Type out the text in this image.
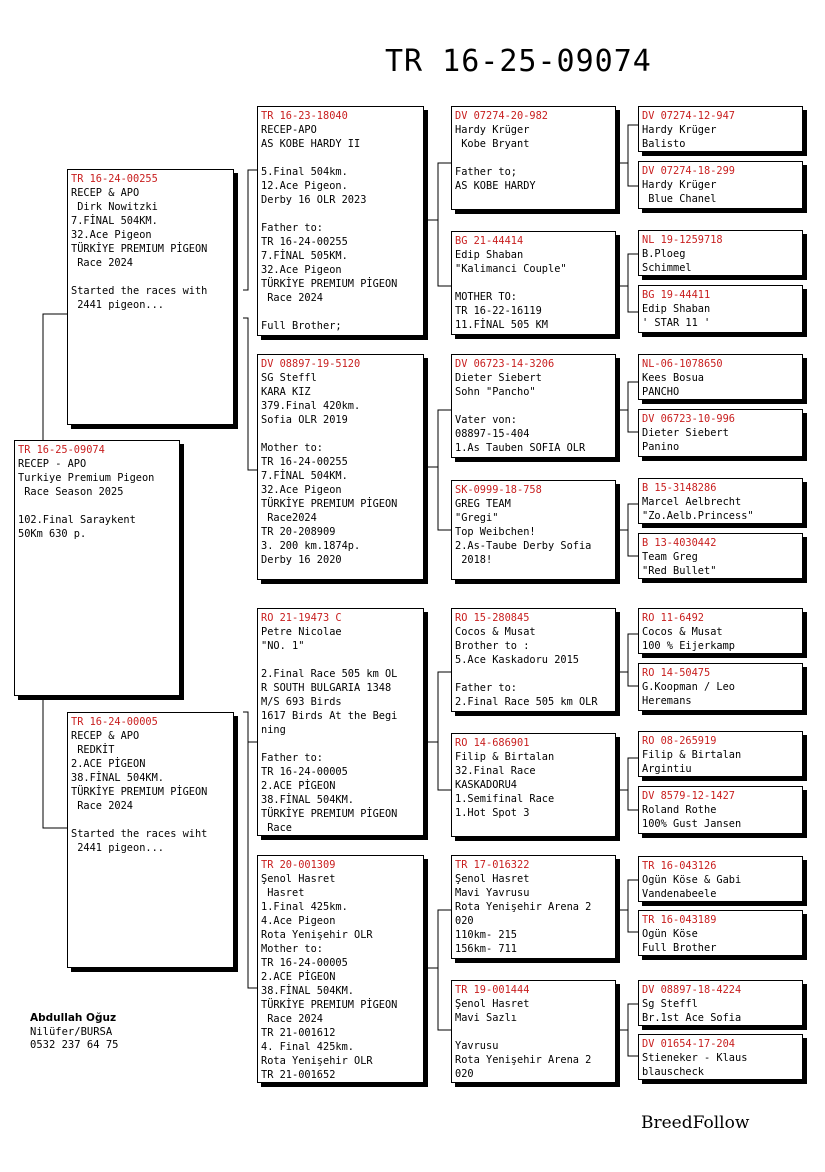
TR 16-25-09074
TR 16-25-09074
RECEP - APO
Turkiye Premium Pigeon
Race Season 2025
102.Final Saraykent
50Km 630 p.
TR 16-24-00255
RECEP & APO
Dirk Nowitzki
7.FİNAL 504KM.
32.Ace Pigeon
TÜRKİYE PREMIUM PİGEON
Race 2024
Started the races with
2441 pigeon...
TR 16-24-00005
RECEP & APO
REDKİT
2.ACE PİGEON
38.FİNAL 504KM.
TÜRKİYE PREMIUM PİGEON
Race 2024
Started the races wiht
2441 pigeon...
TR 16-23-18040
RECEP-APO
AS KOBE HARDY II
5.Final 504km.
12.Ace Pigeon.
Derby 16 OLR 2023
Father to:
TR 16-24-00255
7.FİNAL 505KM.
32.Ace Pigeon
TÜRKİYE PREMIUM PİGEON
Race 2024
Full Brother;
DV 08897-19-5120
SG Steffl
KARA KIZ
379.Final 420km.
Sofia OLR 2019
Mother to:
TR 16-24-00255
7.FİNAL 504KM.
32.Ace Pigeon
TÜRKİYE PREMIUM PİGEON
Race2024
TR 20-208909
3. 200 km.1874p.
Derby 16 2020
RO 21-19473 C
Petre Nicolae
"NO. 1"
2.Final Race 505 km OL
R SOUTH BULGARIA 1348
M/S 693 Birds
1617 Birds At the Begi
ning
Father to:
TR 16-24-00005
2.ACE PİGEON
38.FİNAL 504KM.
TÜRKİYE PREMIUM PİGEON
Race
TR 20-001309
Şenol Hasret
Hasret
1.Final 425km.
4.Ace Pigeon
Rota Yenişehir OLR
Mother to:
TR 16-24-00005
2.ACE PİGEON
38.FİNAL 504KM.
TÜRKİYE PREMIUM PİGEON
Race 2024
TR 21-001612
4. Final 425km.
Rota Yenişehir OLR
TR 21-001652
DV 07274-20-982
Hardy Krüger
Kobe Bryant
Father to;
AS KOBE HARDY
BG 21-44414
Edip Shaban
"Kalimanci Couple"
MOTHER TO:
TR 16-22-16119
11.FİNAL 505 KM
DV 06723-14-3206
Dieter Siebert
Sohn "Pancho"
Vater von:
08897-15-404
1.As Tauben SOFIA OLR
SK-0999-18-758
GREG TEAM
"Gregi"
Top Weibchen!
2.As-Taube Derby Sofia
2018!
RO 15-280845
Cocos & Musat
Brother to :
5.Ace Kaskadoru 2015
Father to:
2.Final Race 505 km OLR
RO 14-686901
Filip & Birtalan
32.Final Race
KASKADORU4
1.Semifinal Race
1.Hot Spot 3
TR 17-016322
Şenol Hasret
Mavi Yavrusu
Rota Yenişehir Arena 2
020
110km- 215
156km- 711
TR 19-001444
Şenol Hasret
Mavi Sazlı
Yavrusu
Rota Yenişehir Arena 2
020
DV 07274-12-947
Hardy Krüger
Balisto
DV 07274-18-299
Hardy Krüger
Blue Chanel
NL 19-1259718
B.Ploeg
Schimmel
BG 19-44411
Edip Shaban
' STAR 11 '
NL-06-1078650
Kees Bosua
PANCHO
DV 06723-10-996
Dieter Siebert
Panino
B 15-3148286
Marcel Aelbrecht
"Zo.Aelb.Princess"
B 13-4030442
Team Greg
"Red Bullet"
RO 11-6492
Cocos & Musat
100 % Eijerkamp
RO 14-50475
G.Koopman / Leo
Heremans
RO 08-265919
Filip & Birtalan
Argintiu
DV 8579-12-1427
Roland Rothe
100% Gust Jansen
TR 16-043126
Ogün Köse & Gabi
Vandenabeele
TR 16-043189
Ogün Köse
Full Brother
DV 08897-18-4224
Sg Steffl
Br.1st Ace Sofia
DV 01654-17-204
Stieneker - Klaus
blauscheck
Abdullah Oğuz
Nilüfer/BURSA
0532 237 64 75
BreedFollow
